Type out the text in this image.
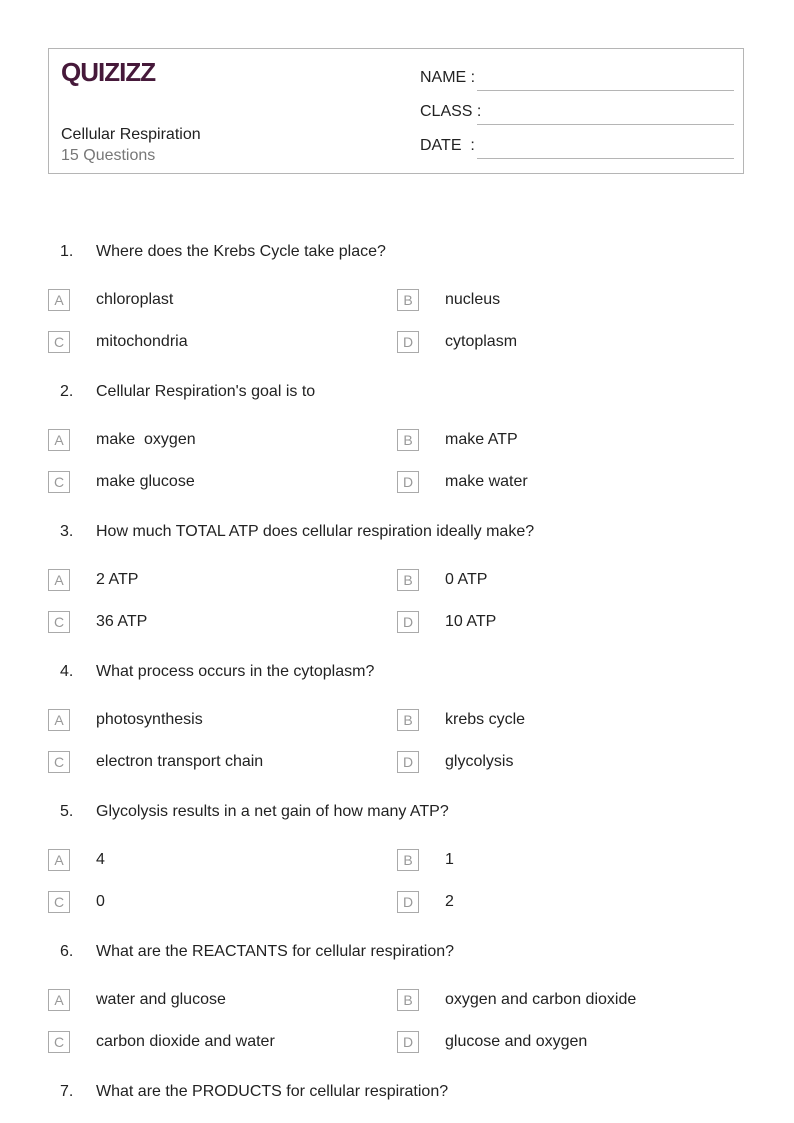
QUIZIZZ
Cellular Respiration
15 Questions
NAME :
CLASS :
DATE  :
1. Where does the Krebs Cycle take place?
A	chloroplast	B	nucleus
C	mitochondria	D	cytoplasm
2. Cellular Respiration's goal is to
A	make  oxygen	B	make ATP
C	make glucose	D	make water
3. How much TOTAL ATP does cellular respiration ideally make?
A	2 ATP	B	0 ATP
C	36 ATP	D	10 ATP
4. What process occurs in the cytoplasm?
A	photosynthesis	B	krebs cycle
C	electron transport chain	D	glycolysis
5. Glycolysis results in a net gain of how many ATP?
A	4	B	1
C	0	D	2
6. What are the REACTANTS for cellular respiration?
A	water and glucose	B	oxygen and carbon dioxide
C	carbon dioxide and water	D	glucose and oxygen
7. What are the PRODUCTS for cellular respiration?
